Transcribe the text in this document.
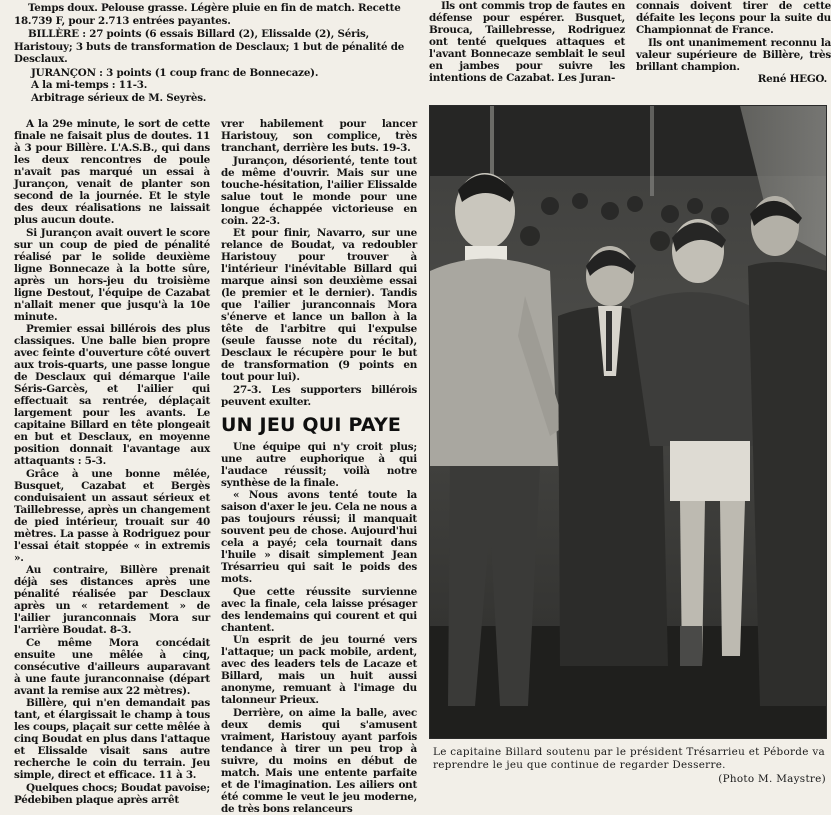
Temps doux. Pelouse grasse. Légère pluie en fin de match. Recette 18.739 F, pour 2.713 entrées payantes.

BILLÈRE : 27 points (6 essais Billard (2), Elissalde (2), Séris, Haristouy; 3 buts de transformation de Desclaux; 1 but de pénalité de Desclaux.

JURANÇON : 3 points (1 coup franc de Bonnecaze).

A la mi-temps : 11-3.

Arbitrage sérieux de M. Seyrès.

A la 29e minute, le sort de cette finale ne faisait plus de doutes. 11 à 3 pour Billère. L'A.S.B., qui dans les deux rencontres de poule n'avait pas marqué un essai à Jurançon, venait de planter son second de la journée. Et le style des deux réalisations ne laissait plus aucun doute.

Si Jurançon avait ouvert le score sur un coup de pied de pénalité réalisé par le solide deuxième ligne Bonnecaze à la botte sûre, après un hors-jeu du troisième ligne Destout, l'équipe de Cazabat n'allait mener que jusqu'à la 10e minute.

Premier essai billérois des plus classiques. Une balle bien propre avec feinte d'ouverture côté ouvert aux trois-quarts, une passe longue de Desclaux qui démarque l'aile Séris-Garcès, et l'ailier qui effectuait sa rentrée, déplaçait largement pour les avants. Le capitaine Billard en tête plongeait en but et Desclaux, en moyenne position donnait l'avantage aux attaquants : 5-3.

Grâce à une bonne mêlée, Busquet, Cazabat et Bergès conduisaient un assaut sérieux et Taillebresse, après un changement de pied intérieur, trouait sur 40 mètres. La passe à Rodriguez pour l'essai était stoppée « in extremis ».

Au contraire, Billère prenait déjà ses distances après une pénalité réalisée par Desclaux après un « retardement » de l'ailier juranconnais Mora sur l'arrière Boudat. 8-3.

Ce même Mora concédait ensuite une mêlée à cinq, consécutive d'ailleurs auparavant à une faute juranconnaise (départ avant la remise aux 22 mètres).

Billère, qui n'en demandait pas tant, et élargissait le champ à tous les coups, plaçait sur cette mêlée à cinq Boudat en plus dans l'attaque et Elissalde visait sans autre recherche le coin du terrain. Jeu simple, direct et efficace. 11 à 3.

Quelques chocs; Boudat pavoise; Pédebiben plaque après arrêt

vrer habilement pour lancer Haristouy, son complice, très tranchant, derrière les buts. 19-3.

Jurançon, désorienté, tente tout de même d'ouvrir. Mais sur une touche-hésitation, l'ailier Elissalde salue tout le monde pour une longue échappée victorieuse en coin. 22-3.

Et pour finir, Navarro, sur une relance de Boudat, va redoubler Haristouy pour trouver à l'intérieur l'inévitable Billard qui marque ainsi son deuxième essai (le premier et le dernier). Tandis que l'ailier juranconnais Mora s'énerve et lance un ballon à la tête de l'arbitre qui l'expulse (seule fausse note du récital), Desclaux le récupère pour le but de transformation (9 points en tout pour lui).

27-3. Les supporters billérois peuvent exulter.

UN JEU QUI PAYE

Une équipe qui n'y croit plus; une autre euphorique à qui l'audace réussit; voilà notre synthèse de la finale.

« Nous avons tenté toute la saison d'axer le jeu. Cela ne nous a pas toujours réussi; il manquait souvent peu de chose. Aujourd'hui cela a payé; cela tournait dans l'huile » disait simplement Jean Trésarrieu qui sait le poids des mots.

Que cette réussite survienne avec la finale, cela laisse présager des lendemains qui courent et qui chantent.

Un esprit de jeu tourné vers l'attaque; un pack mobile, ardent, avec des leaders tels de Lacaze et Billard, mais un huit aussi anonyme, remuant à l'image du talonneur Prieux.

Derrière, on aime la balle, avec deux demis qui s'amusent vraiment, Haristouy ayant parfois tendance à tirer un peu trop à suivre, du moins en début de match. Mais une entente parfaite et de l'imagination. Les ailiers ont été comme le veut le jeu moderne, de très bons relanceurs

Ils ont commis trop de fautes en défense pour espérer. Busquet, Brouca, Taillebresse, Rodriguez ont tenté quelques attaques et l'avant Bonnecaze semblait le seul en jambes pour suivre les intentions de Cazabat. Les Juran-

connais doivent tirer de cette défaite les leçons pour la suite du Championnat de France.

Ils ont unanimement reconnu la valeur supérieure de Billère, très brillant champion.

René HEGO.

Le capitaine Billard soutenu par le président Trésarrieu et Péborde va reprendre le jeu que continue de regarder Desserre.
(Photo M. Maystre)
